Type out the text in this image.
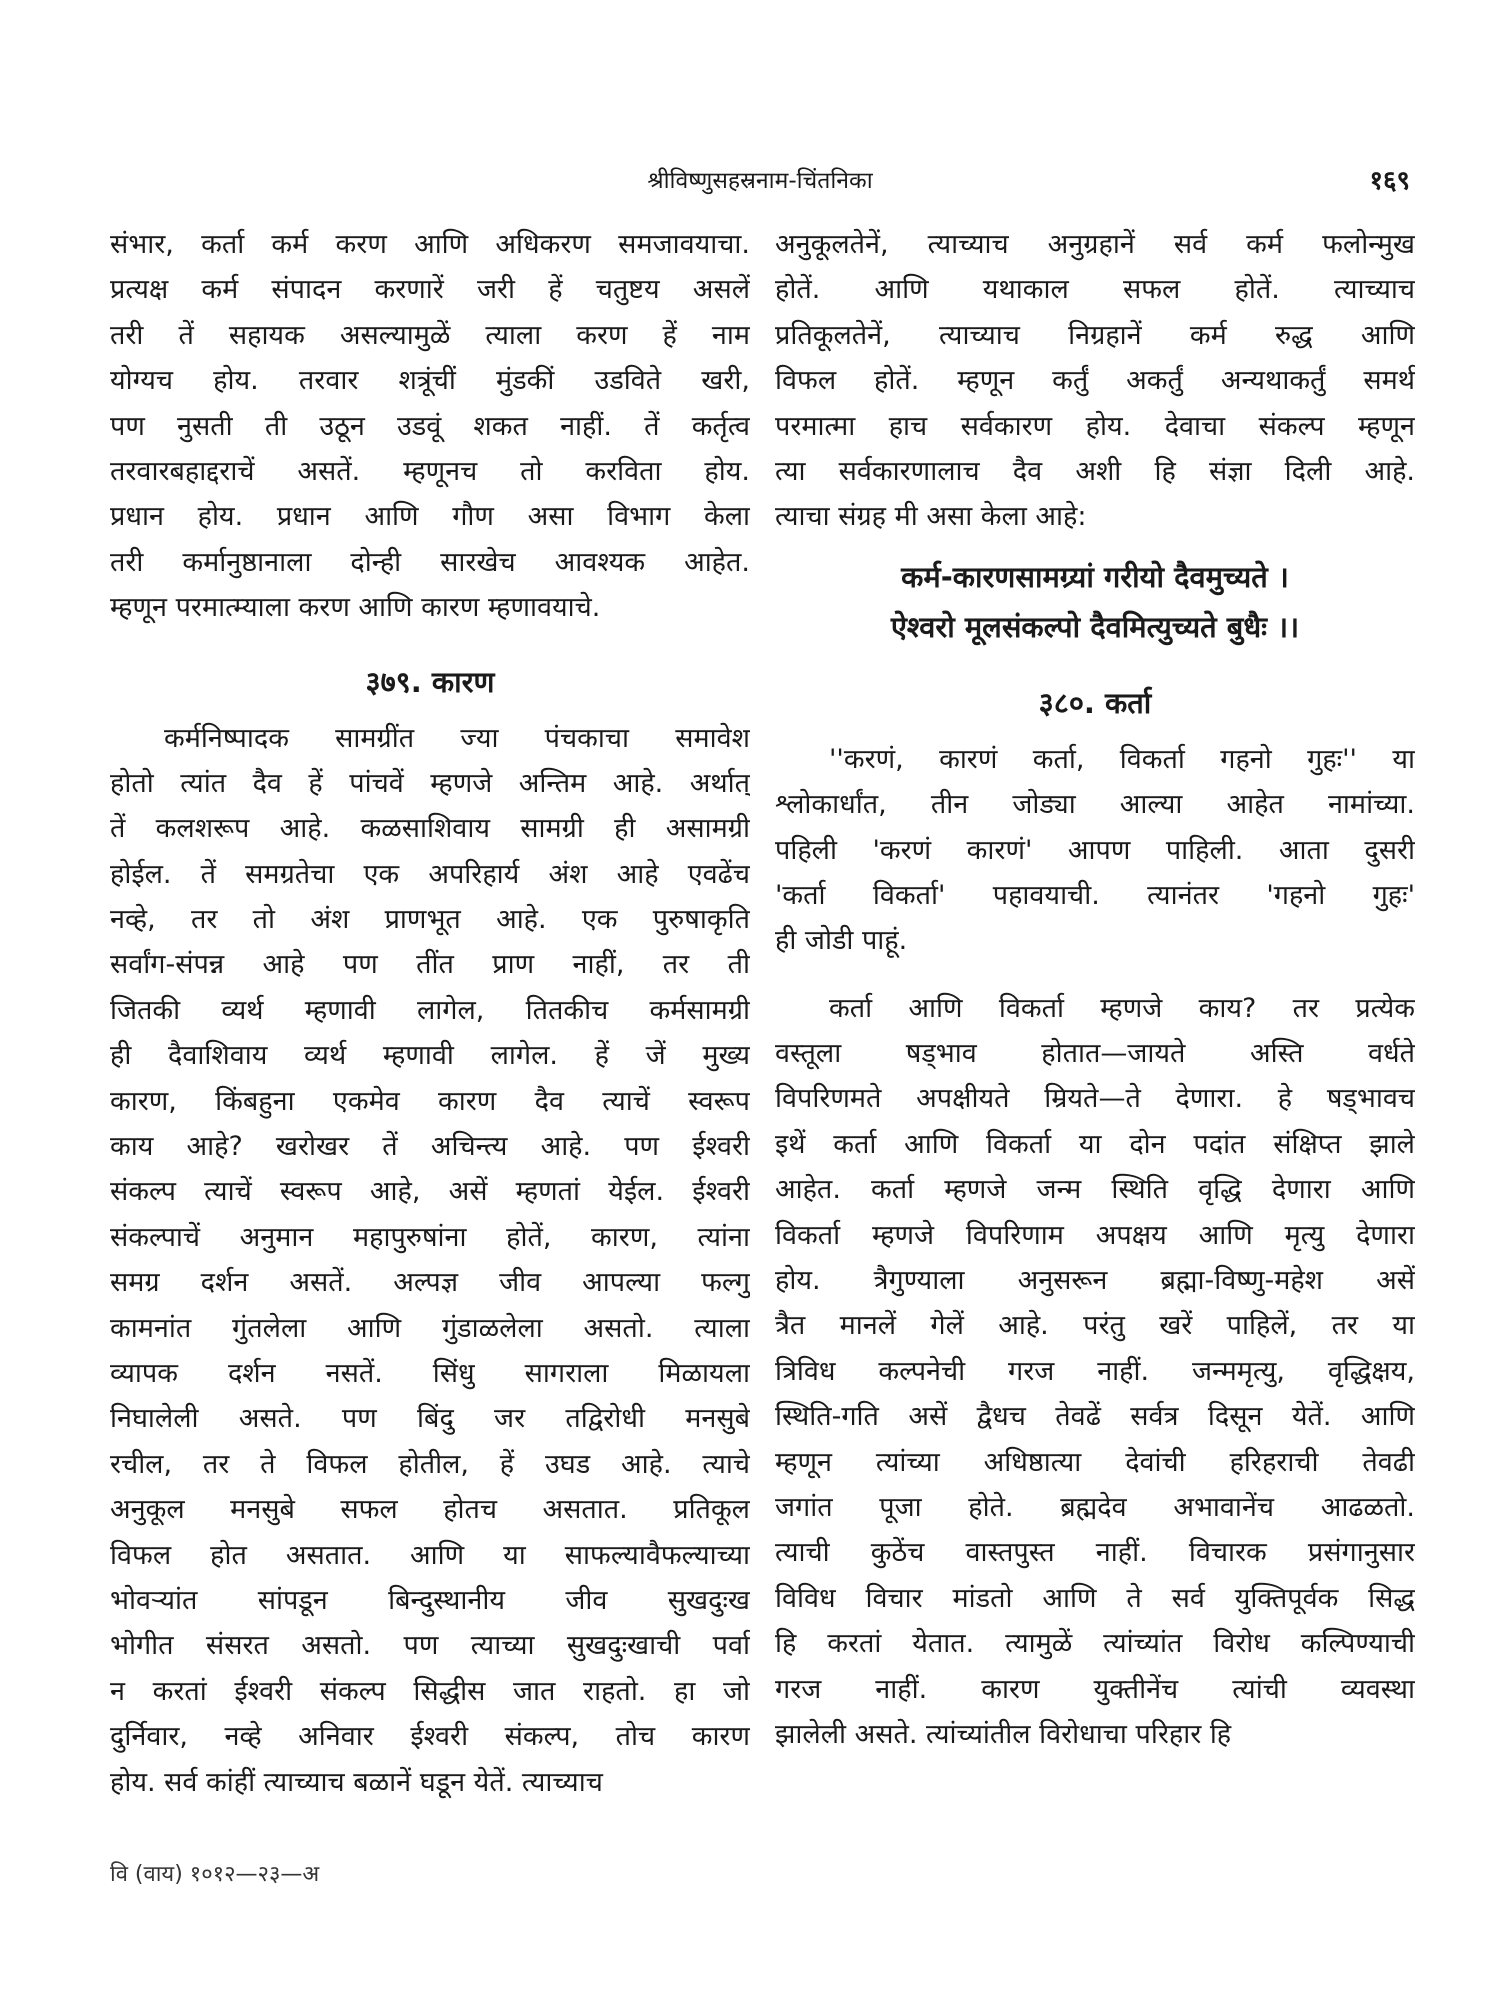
श्रीविष्णुसहस्रनाम-चिंतनिका	१६९
संभार, कर्ता कर्म करण आणि अधिकरण समजावयाचा.
प्रत्यक्ष कर्म संपादन करणारें जरी हें चतुष्टय असलें
तरी तें सहायक असल्यामुळें त्याला करण हें नाम
योग्यच होय. तरवार शत्रूंचीं मुंडकीं उडविते खरी,
पण नुसती ती उठून उडवूं शकत नाहीं. तें कर्तृत्व
तरवारबहाद्दराचें असतें. म्हणूनच तो करविता होय.
प्रधान होय. प्रधान आणि गौण असा विभाग केला
तरी कर्मानुष्ठानाला दोन्ही सारखेच आवश्यक आहेत.
म्हणून परमात्म्याला करण आणि कारण म्हणावयाचे.
३७९. कारण
कर्मनिष्पादक सामग्रींत ज्या पंचकाचा समावेश
होतो त्यांत दैव हें पांचवें म्हणजे अन्तिम आहे. अर्थात्
तें कलशरूप आहे. कळसाशिवाय सामग्री ही असामग्री
होईल. तें समग्रतेचा एक अपरिहार्य अंश आहे एवढेंच
नव्हे, तर तो अंश प्राणभूत आहे. एक पुरुषाकृति
सर्वांग-संपन्न आहे पण तींत प्राण नाहीं, तर ती
जितकी व्यर्थ म्हणावी लागेल, तितकीच कर्मसामग्री
ही दैवाशिवाय व्यर्थ म्हणावी लागेल. हें जें मुख्य
कारण, किंबहुना एकमेव कारण दैव त्याचें स्वरूप
काय आहे? खरोखर तें अचिन्त्य आहे. पण ईश्वरी
संकल्प त्याचें स्वरूप आहे, असें म्हणतां येईल. ईश्वरी
संकल्पाचें अनुमान महापुरुषांना होतें, कारण, त्यांना
समग्र दर्शन असतें. अल्पज्ञ जीव आपल्या फल्गु
कामनांत गुंतलेला आणि गुंडाळलेला असतो. त्याला
व्यापक दर्शन नसतें. सिंधु सागराला मिळायला
निघालेली असते. पण बिंदु जर तद्विरोधी मनसुबे
रचील, तर ते विफल होतील, हें उघड आहे. त्याचे
अनुकूल मनसुबे सफल होतच असतात. प्रतिकूल
विफल होत असतात. आणि या साफल्यावैफल्याच्या
भोवऱ्यांत सांपडून बिन्दुस्थानीय जीव सुखदुःख
भोगीत संसरत असतो. पण त्याच्या सुखदुःखाची पर्वा
न करतां ईश्वरी संकल्प सिद्धीस जात राहतो. हा जो
दुर्निवार, नव्हे अनिवार ईश्वरी संकल्प, तोच कारण
होय. सर्व कांहीं त्याच्याच बळानें घडून येतें. त्याच्याच
अनुकूलतेनें, त्याच्याच अनुग्रहानें सर्व कर्म फलोन्मुख
होतें. आणि यथाकाल सफल होतें. त्याच्याच
प्रतिकूलतेनें, त्याच्याच निग्रहानें कर्म रुद्ध आणि
विफल होतें. म्हणून कर्तुं अकर्तुं अन्यथाकर्तुं समर्थ
परमात्मा हाच सर्वकारण होय. देवाचा संकल्प म्हणून
त्या सर्वकारणालाच दैव अशी हि संज्ञा दिली आहे.
त्याचा संग्रह मी असा केला आहे:
कर्म-कारणसामग्र्यां गरीयो दैवमुच्यते ।
ऐश्वरो मूलसंकल्पो दैवमित्युच्यते बुधैः ।।
३८०. कर्ता
''करणं, कारणं कर्ता, विकर्ता गहनो गुहः'' या
श्लोकार्धांत, तीन जोड्या आल्या आहेत नामांच्या.
पहिली 'करणं कारणं' आपण पाहिली. आता दुसरी
'कर्ता विकर्ता' पहावयाची. त्यानंतर 'गहनो गुहः'
ही जोडी पाहूं.
कर्ता आणि विकर्ता म्हणजे काय? तर प्रत्येक
वस्तूला षड्भाव होतात—जायते अस्ति वर्धते
विपरिणमते अपक्षीयते म्रियते—ते देणारा. हे षड्भावच
इथें कर्ता आणि विकर्ता या दोन पदांत संक्षिप्त झाले
आहेत. कर्ता म्हणजे जन्म स्थिति वृद्धि देणारा आणि
विकर्ता म्हणजे विपरिणाम अपक्षय आणि मृत्यु देणारा
होय. त्रैगुण्याला अनुसरून ब्रह्मा-विष्णु-महेश असें
त्रैत मानलें गेलें आहे. परंतु खरें पाहिलें, तर या
त्रिविध कल्पनेची गरज नाहीं. जन्ममृत्यु, वृद्धिक्षय,
स्थिति-गति असें द्वैधच तेवढें सर्वत्र दिसून येतें. आणि
म्हणून त्यांच्या अधिष्ठात्या देवांची हरिहराची तेवढी
जगांत पूजा होते. ब्रह्मदेव अभावानेंच आढळतो.
त्याची कुठेंच वास्तपुस्त नाहीं. विचारक प्रसंगानुसार
विविध विचार मांडतो आणि ते सर्व युक्तिपूर्वक सिद्ध
हि करतां येतात. त्यामुळें त्यांच्यांत विरोध कल्पिण्याची
गरज नाहीं. कारण युक्तीनेंच त्यांची व्यवस्था
झालेली असते. त्यांच्यांतील विरोधाचा परिहार हि
वि (वाय) १०१२—२३—अ
